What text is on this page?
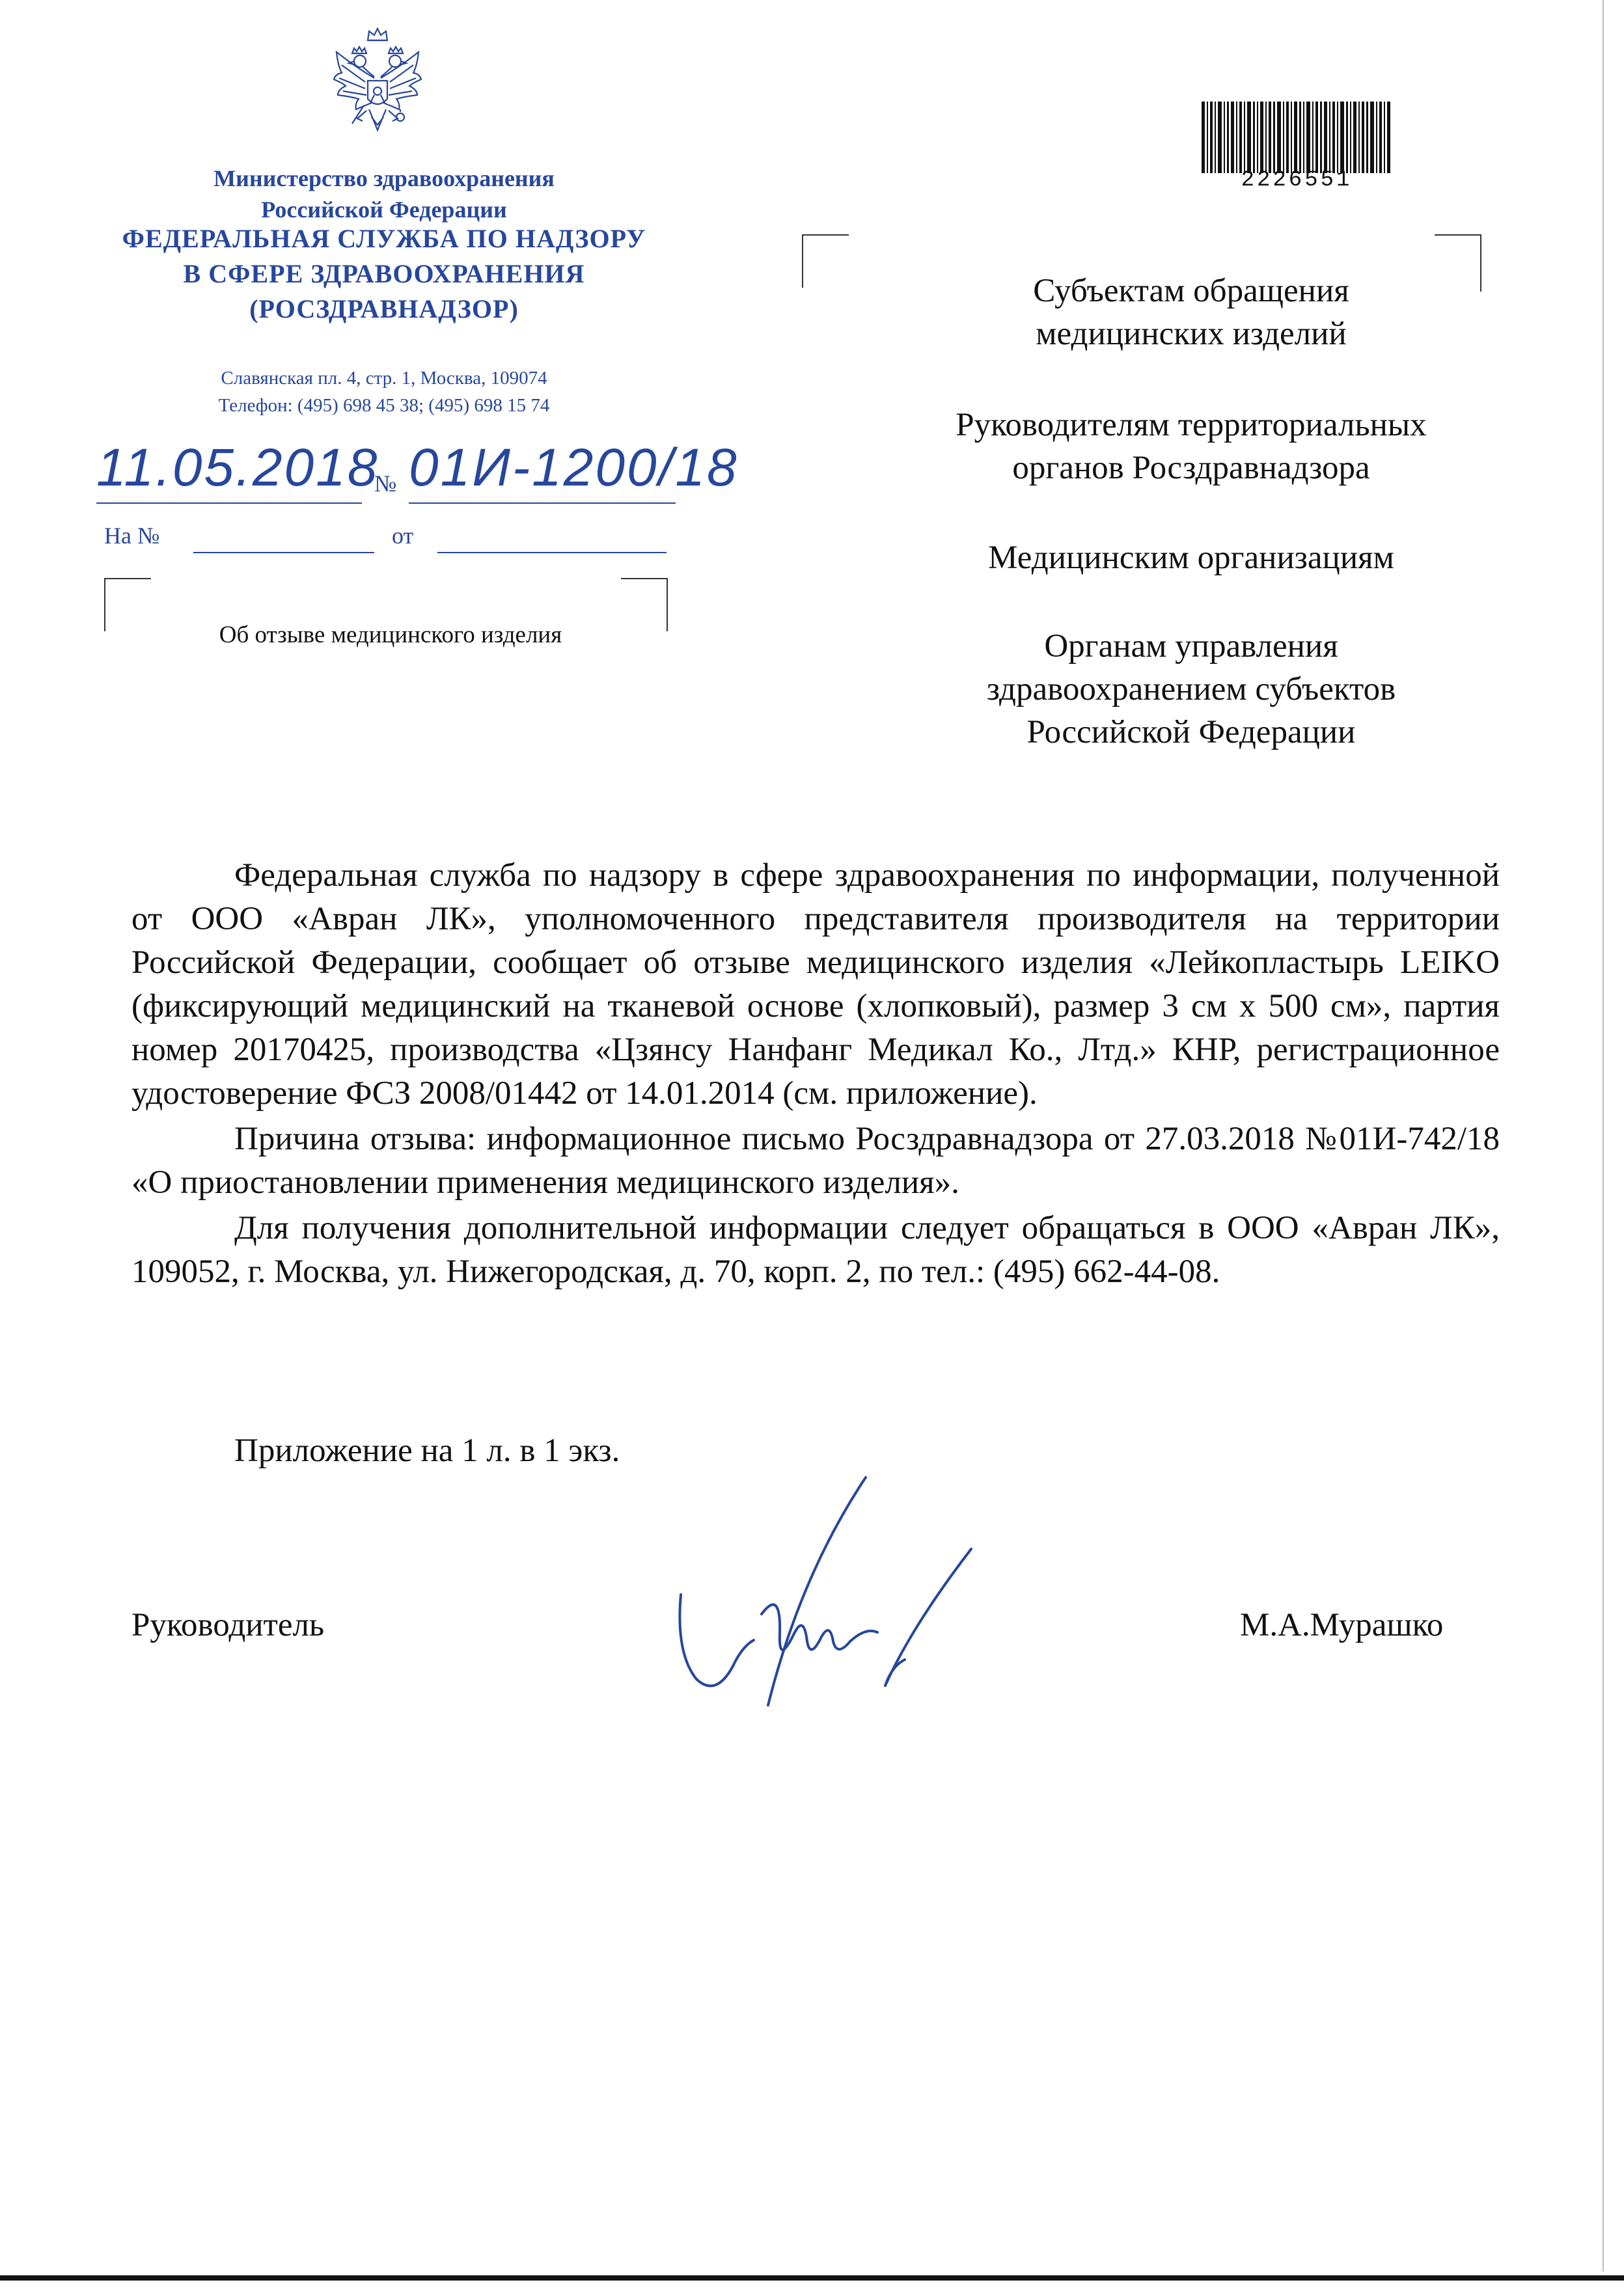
Министерство здравоохранения
Российской Федерации
ФЕДЕРАЛЬНАЯ СЛУЖБА ПО НАДЗОРУ
В СФЕРЕ ЗДРАВООХРАНЕНИЯ
(РОСЗДРАВНАДЗОР)
Славянская пл. 4, стр. 1, Москва, 109074
Телефон: (495) 698 45 38; (495) 698 15 74
11.05.2018
№ 01И-1200/18
На №	от
Об отзыве медицинского изделия
2226551
Субъектам обращения
медицинских изделий
Руководителям территориальных
органов Росздравнадзора
Медицинским организациям
Органам управления
здравоохранением субъектов
Российской Федерации

Федеральная служба по надзору в сфере здравоохранения по информации, полученной от ООО «Авран ЛК», уполномоченного представителя производителя на территории Российской Федерации, сообщает об отзыве медицинского изделия «Лейкопластырь LEIKO (фиксирующий медицинский на тканевой основе (хлопковый), размер 3 см х 500 см», партия номер 20170425, производства «Цзянсу Нанфанг Медикал Ко., Лтд.» КНР, регистрационное удостоверение ФСЗ 2008/01442 от 14.01.2014 (см. приложение).

Причина отзыва: информационное письмо Росздравнадзора от 27.03.2018 №01И-742/18 «О приостановлении применения медицинского изделия».

Для получения дополнительной информации следует обращаться в ООО «Авран ЛК», 109052, г. Москва, ул. Нижегородская, д. 70, корп. 2, по тел.: (495) 662-44-08.

Приложение на 1 л. в 1 экз.
Руководитель	М.А.Мурашко
